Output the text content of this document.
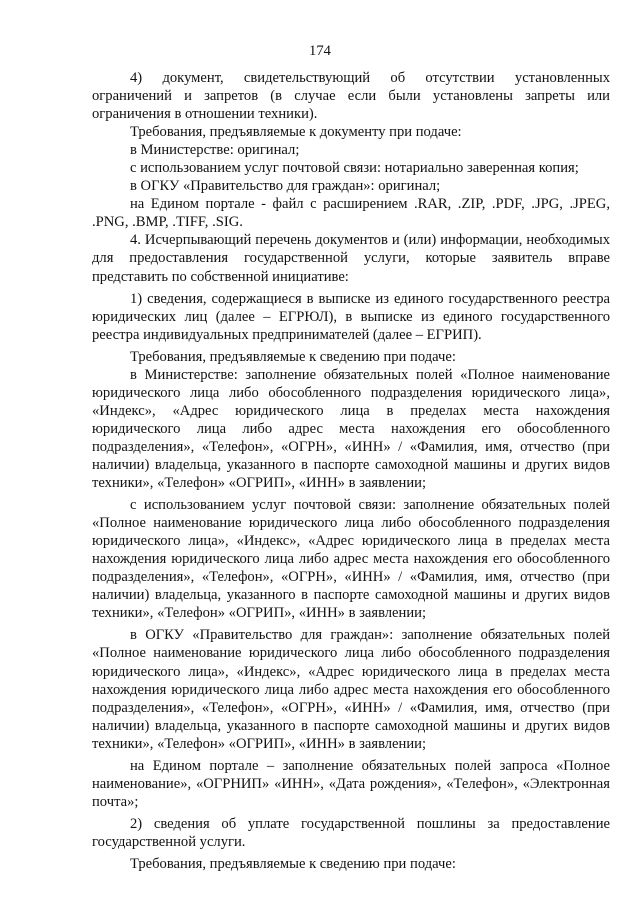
174

4) документ, свидетельствующий об отсутствии установленных ограничений и запретов (в случае если были установлены запреты или ограничения в отношении техники).

Требования, предъявляемые к документу при подаче:

в Министерстве: оригинал;

с использованием услуг почтовой связи: нотариально заверенная копия;

в ОГКУ «Правительство для граждан»: оригинал;

на Едином портале - файл с расширением .RAR, .ZIP, .PDF, .JPG, .JPEG, .PNG, .BMP, .TIFF, .SIG.

4. Исчерпывающий перечень документов и (или) информации, необходимых для предоставления государственной услуги, которые заявитель вправе представить по собственной инициативе:

1) сведения, содержащиеся в выписке из единого государственного реестра юридических лиц (далее – ЕГРЮЛ), в выписке из единого государственного реестра индивидуальных предпринимателей (далее – ЕГРИП).

Требования, предъявляемые к сведению при подаче:

в Министерстве: заполнение обязательных полей «Полное наименование юридического лица либо обособленного подразделения юридического лица», «Индекс», «Адрес юридического лица в пределах места нахождения юридического лица либо адрес места нахождения его обособленного подразделения», «Телефон», «ОГРН», «ИНН» / «Фамилия, имя, отчество (при наличии) владельца, указанного в паспорте самоходной машины и других видов техники», «Телефон» «ОГРИП», «ИНН» в заявлении;

с использованием услуг почтовой связи: заполнение обязательных полей «Полное наименование юридического лица либо обособленного подразделения юридического лица», «Индекс», «Адрес юридического лица в пределах места нахождения юридического лица либо адрес места нахождения его обособленного подразделения», «Телефон», «ОГРН», «ИНН» / «Фамилия, имя, отчество (при наличии) владельца, указанного в паспорте самоходной машины и других видов техники», «Телефон» «ОГРИП», «ИНН» в заявлении;

в ОГКУ «Правительство для граждан»: заполнение обязательных полей «Полное наименование юридического лица либо обособленного подразделения юридического лица», «Индекс», «Адрес юридического лица в пределах места нахождения юридического лица либо адрес места нахождения его обособленного подразделения», «Телефон», «ОГРН», «ИНН» / «Фамилия, имя, отчество (при наличии) владельца, указанного в паспорте самоходной машины и других видов техники», «Телефон» «ОГРИП», «ИНН» в заявлении;

на Едином портале – заполнение обязательных полей запроса «Полное наименование», «ОГРНИП» «ИНН», «Дата рождения», «Телефон», «Электронная почта»;

2) сведения об уплате государственной пошлины за предоставление государственной услуги.

Требования, предъявляемые к сведению при подаче:
